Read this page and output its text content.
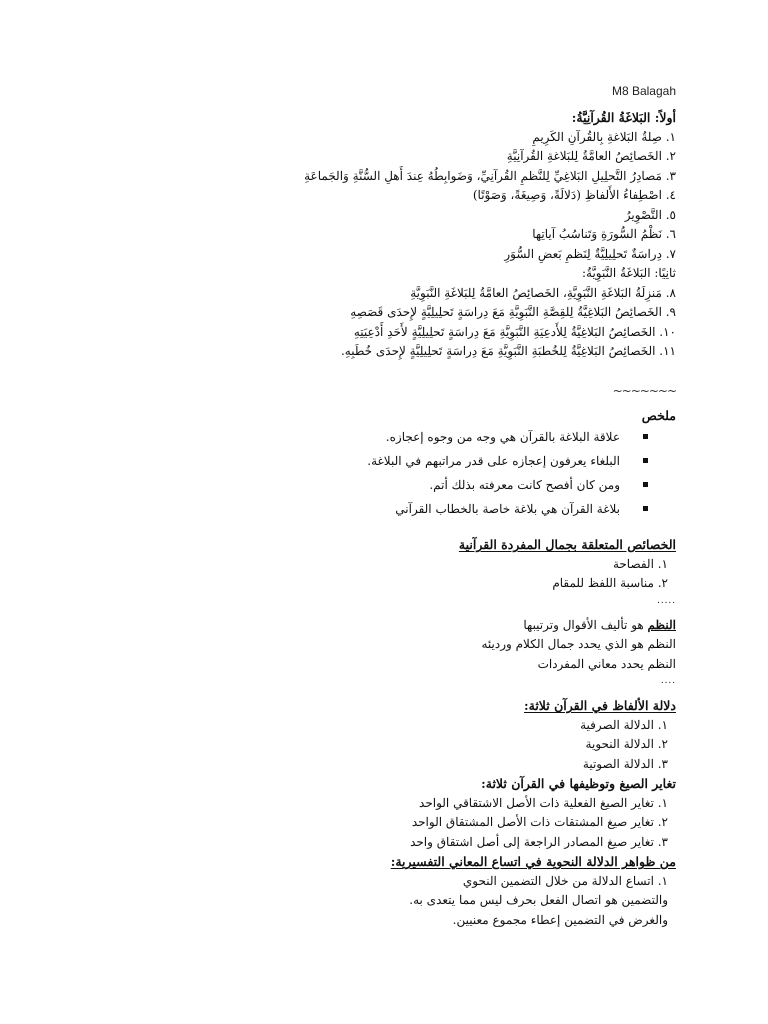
M8 Balagah
أولاً: البَلاغَةُ القُرآنِيَّةُ:
١. صِلةُ البَلاغةِ بِالقُرآنِ الكَرِيمِ
٢. الخَصائِصُ العامَّةُ لِلبَلاغةِ القُرآنِيَّةِ
٣. مَصادِرُ التَّحلِيلِ البَلاغِيِّ لِلنَّظمِ القُرآنِيِّ، وَضَوابِطُهُ عِندَ أَهلِ السُّنَّةِ وَالجَماعَةِ
٤. اصْطِفاءُ الأَلفاظِ (دَلالَةً، وَصِيغَةً، وَصَوْتًا)
٥. التَّصْوِيرُ
٦. نَظْمُ السُّورَةِ وَتَناسُبُ آياتِها
٧. دِراسَةٌ تَحلِيلِيَّةٌ لِنَظمِ بَعضِ السُّوَرِ
ثانِيًا: البَلاغَةُ النَّبَوِيَّةُ:
٨. مَنزِلَةُ البَلاغَةِ النَّبَوِيَّةِ، الخَصائِصُ العامَّةُ لِلبَلاغَةِ النَّبَوِيَّةِ
٩. الخَصائِصُ البَلاغِيَّةُ لِلقِصَّةِ النَّبَوِيَّةِ مَعَ دِراسَةٍ تَحلِيلِيَّةٍ لإِحدَى قَصَصِهِ
١٠. الخَصائِصُ البَلاغِيَّةُ لِلأَدعِيَةِ النَّبَوِيَّةِ مَعَ دِراسَةٍ تَحلِيلِيَّةٍ لأَحَدِ أَدْعِيَتِهِ
١١. الخَصائِصُ البَلاغِيَّةُ لِلخُطبَةِ النَّبَوِيَّةِ مَعَ دِراسَةٍ تَحلِيلِيَّةٍ لإِحدَى خُطَبِهِ.
~~~~~~~
ملخص
علاقة البلاغة بالقرآن هي وجه من وجوه إعجازه.
البلغاء يعرفون إعجازه على قدر مراتبهم في البلاغة.
ومن كان أفصح كانت معرفته بذلك أتم.
بلاغة القرآن هي بلاغة خاصة بالخطاب القرآني
الخصائص المتعلقة بجمال المفردة القرآنية
١. الفصاحة
٢. مناسبة اللفظ للمقام
.....
النظم هو تأليف الأقوال وترتيبها
النظم هو الذي يحدد جمال الكلام ورديئه
النظم يحدد معاني المفردات
....
دلالة الألفاظ في القرآن ثلاثة:
١. الدلالة الصرفية
٢. الدلالة النحوية
٣. الدلالة الصوتية
تغاير الصيغ وتوظيفها في القرآن ثلاثة:
١. تغاير الصيغ الفعلية ذات الأصل الاشتقاقي الواحد
٢. تغاير صيغ المشتقات ذات الأصل المشتقاق الواحد
٣. تغاير صيغ المصادر الراجعة إلى أصل اشتقاق واحد
من ظواهر الدلالة النحوية في اتساع المعاني التفسيرية:
١. اتساع الدلالة من خلال التضمين النحوي
والتضمين هو اتصال الفعل بحرف ليس مما يتعدى به.
والغرض في التضمين إعطاء مجموع معنيين.
